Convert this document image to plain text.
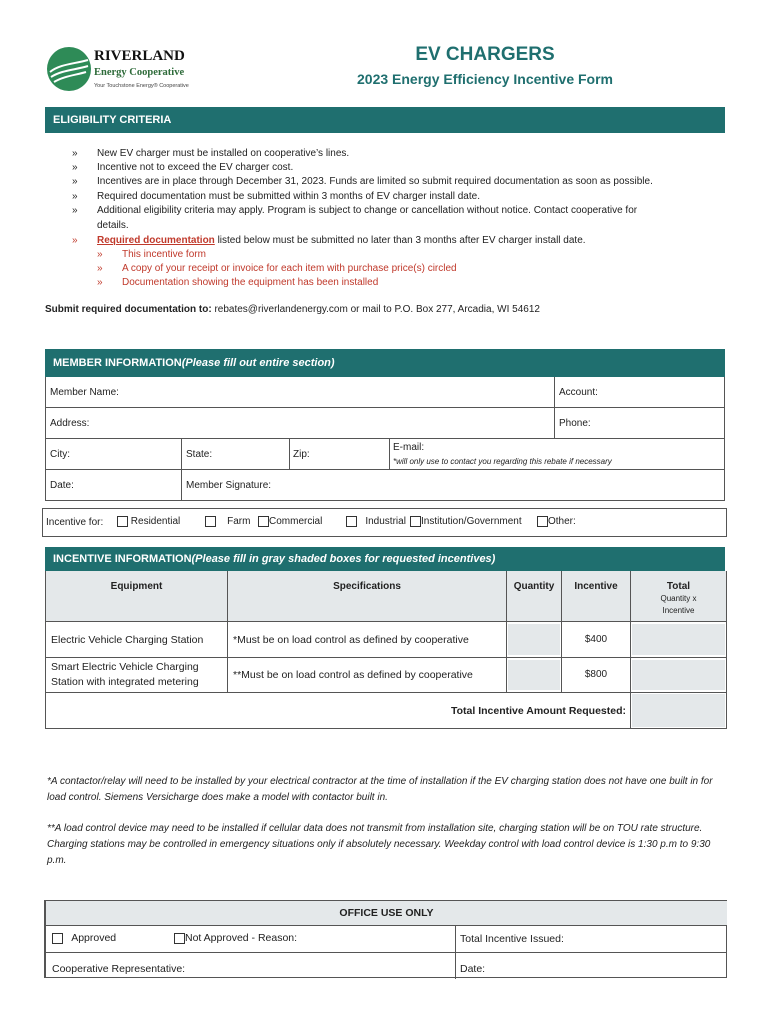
RIVERLAND
Energy Cooperative
Your Touchstone Energy® Cooperative
EV CHARGERS
2023 Energy Efficiency Incentive Form
ELIGIBILITY CRITERIA
»	New EV charger must be installed on cooperative’s lines.
»	Incentive not to exceed the EV charger cost.
»	Incentives are in place through December 31, 2023. Funds are limited so submit required documentation as soon as possible.
»	Required documentation must be submitted within 3 months of EV charger install date.
»	Additional eligibility criteria may apply. Program is subject to change or cancellation without notice. Contact cooperative for
details.
»	Required documentation listed below must be submitted no later than 3 months after EV charger install date.
»	This incentive form
»	A copy of your receipt or invoice for each item with purchase price(s) circled
»	Documentation showing the equipment has been installed
Submit required documentation to: rebates@riverlandenergy.com or mail to P.O. Box 277, Arcadia, WI 54612
MEMBER INFORMATION (Please fill out entire section)
Member Name:	Account:
Address:	Phone:
City:	State:	Zip:
E-mail:
*will only use to contact you regarding this rebate if necessary
Date:	Member Signature:
Incentive for:	Residential	Farm	Commercial	Industrial	Institution/Government	Other:
INCENTIVE INFORMATION (Please fill in gray shaded boxes for requested incentives)
Equipment	Specifications	Quantity	Incentive	Total
Quantity x
Incentive
Electric Vehicle Charging Station	*Must be on load control as defined by cooperative	$400
Smart Electric Vehicle Charging
Station with integrated metering
**Must be on load control as defined by cooperative	$800
Total Incentive Amount Requested:
*A contactor/relay will need to be installed by your electrical contractor at the time of installation if the EV charging station does not have one built in for load control. Siemens Versicharge does make a model with contactor built in.
**A load control device may need to be installed if cellular data does not transmit from installation site, charging station will be on TOU rate structure. Charging stations may be controlled in emergency situations only if absolutely necessary. Weekday control with load control device is 1:30 p.m to 9:30 p.m.
OFFICE USE ONLY
Approved	Not Approved - Reason:	Total Incentive Issued:
Cooperative Representative:	Date:
